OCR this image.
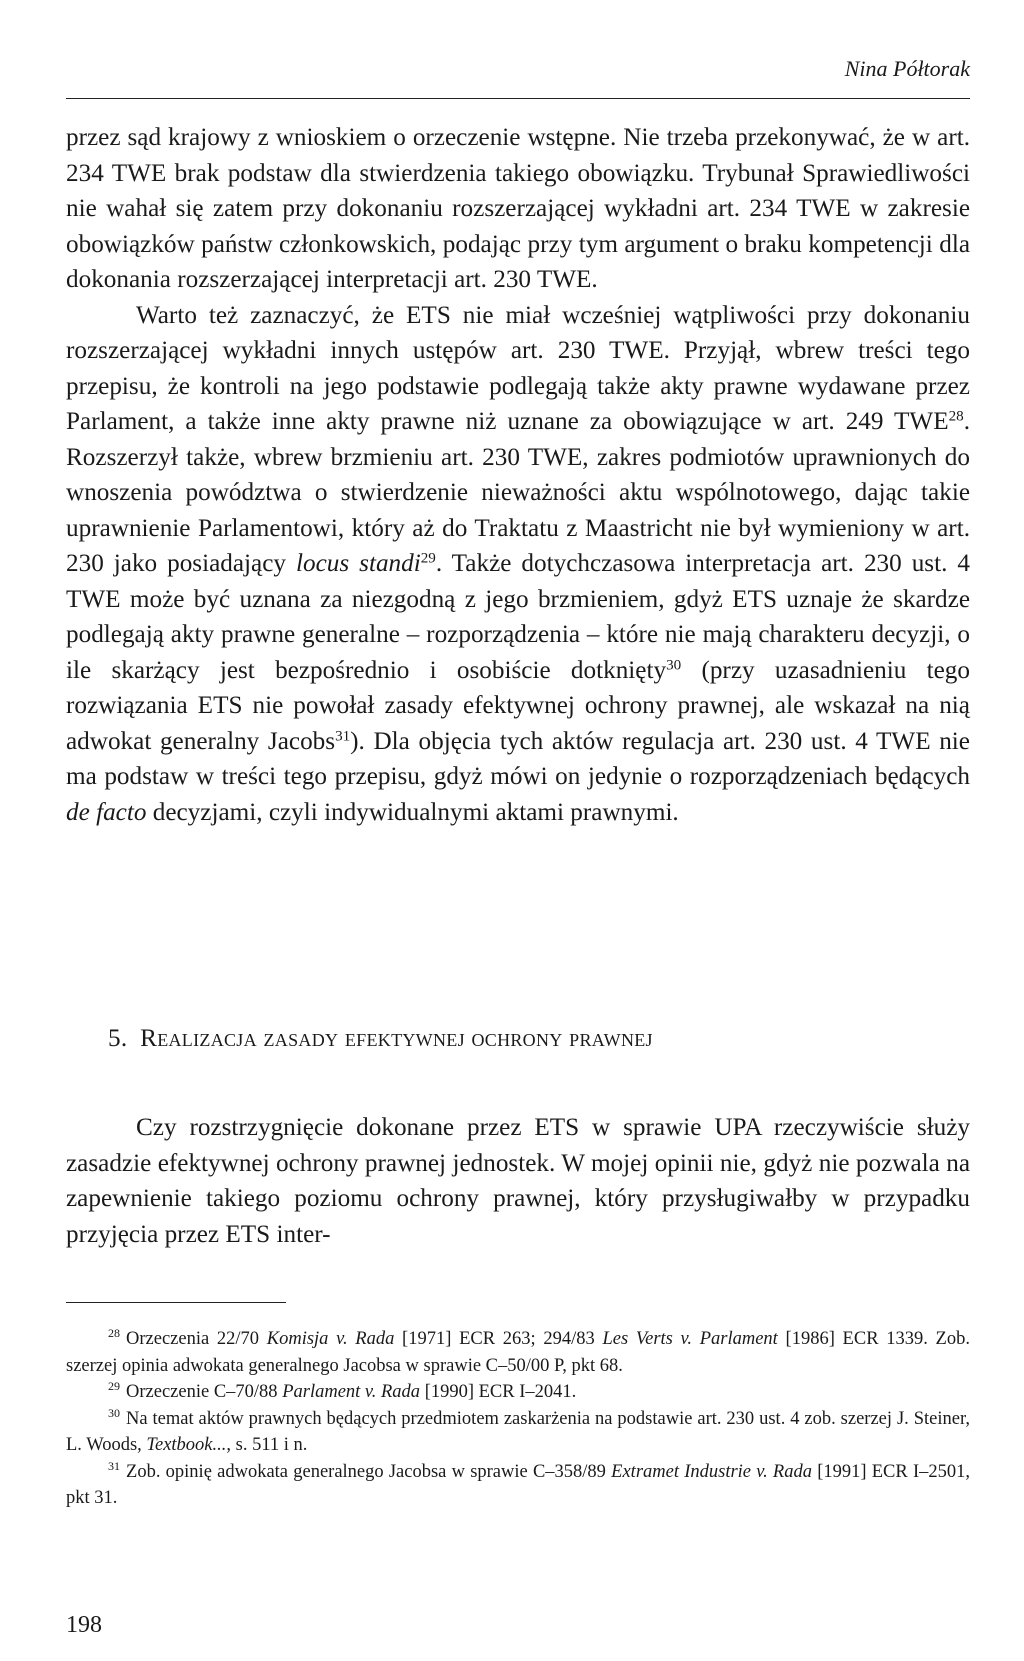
Nina Półtorak

przez sąd krajowy z wnioskiem o orzeczenie wstępne. Nie trzeba przekonywać, że w art. 234 TWE brak podstaw dla stwierdzenia takiego obowiązku. Trybunał Sprawiedliwości nie wahał się zatem przy dokonaniu rozszerzającej wykładni art. 234 TWE w zakresie obowiązków państw członkowskich, podając przy tym argument o braku kompetencji dla dokonania rozszerzającej interpretacji art. 230 TWE.

Warto też zaznaczyć, że ETS nie miał wcześniej wątpliwości przy dokonaniu rozszerzającej wykładni innych ustępów art. 230 TWE. Przyjął, wbrew treści tego przepisu, że kontroli na jego podstawie podlegają także akty prawne wydawane przez Parlament, a także inne akty prawne niż uznane za obowiązujące w art. 249 TWE$^{28}$. Rozszerzył także, wbrew brzmieniu art. 230 TWE, zakres podmiotów uprawnionych do wnoszenia powództwa o stwierdzenie nieważności aktu wspólnotowego, dając takie uprawnienie Parlamentowi, który aż do Traktatu z Maastricht nie był wymieniony w art. 230 jako posiadający locus standi$^{29}$. Także dotychczasowa interpretacja art. 230 ust. 4 TWE może być uznana za niezgodną z jego brzmieniem, gdyż ETS uznaje że skardze podlegają akty prawne generalne – rozporządzenia – które nie mają charakteru decyzji, o ile skarżący jest bezpośrednio i osobiście dotknięty$^{30}$ (przy uzasadnieniu tego rozwiązania ETS nie powołał zasady efektywnej ochrony prawnej, ale wskazał na nią adwokat generalny Jacobs$^{31}$). Dla objęcia tych aktów regulacja art. 230 ust. 4 TWE nie ma podstaw w treści tego przepisu, gdyż mówi on jedynie o rozporządzeniach będących de facto decyzjami, czyli indywidualnymi aktami prawnymi.

5. Realizacja zasady efektywnej ochrony prawnej

Czy rozstrzygnięcie dokonane przez ETS w sprawie UPA rzeczywiście służy zasadzie efektywnej ochrony prawnej jednostek. W mojej opinii nie, gdyż nie pozwala na zapewnienie takiego poziomu ochrony prawnej, który przysługiwałby w przypadku przyjęcia przez ETS inter-

$^{28}$ Orzeczenia 22/70 Komisja v. Rada [1971] ECR 263; 294/83 Les Verts v. Parlament [1986] ECR 1339. Zob. szerzej opinia adwokata generalnego Jacobsa w sprawie C–50/00 P, pkt 68.

$^{29}$ Orzeczenie C–70/88 Parlament v. Rada [1990] ECR I–2041.

$^{30}$ Na temat aktów prawnych będących przedmiotem zaskarżenia na podstawie art. 230 ust. 4 zob. szerzej J. Steiner, L. Woods, Textbook..., s. 511 i n.

$^{31}$ Zob. opinię adwokata generalnego Jacobsa w sprawie C–358/89 Extramet Industrie v. Rada [1991] ECR I–2501, pkt 31.

198
